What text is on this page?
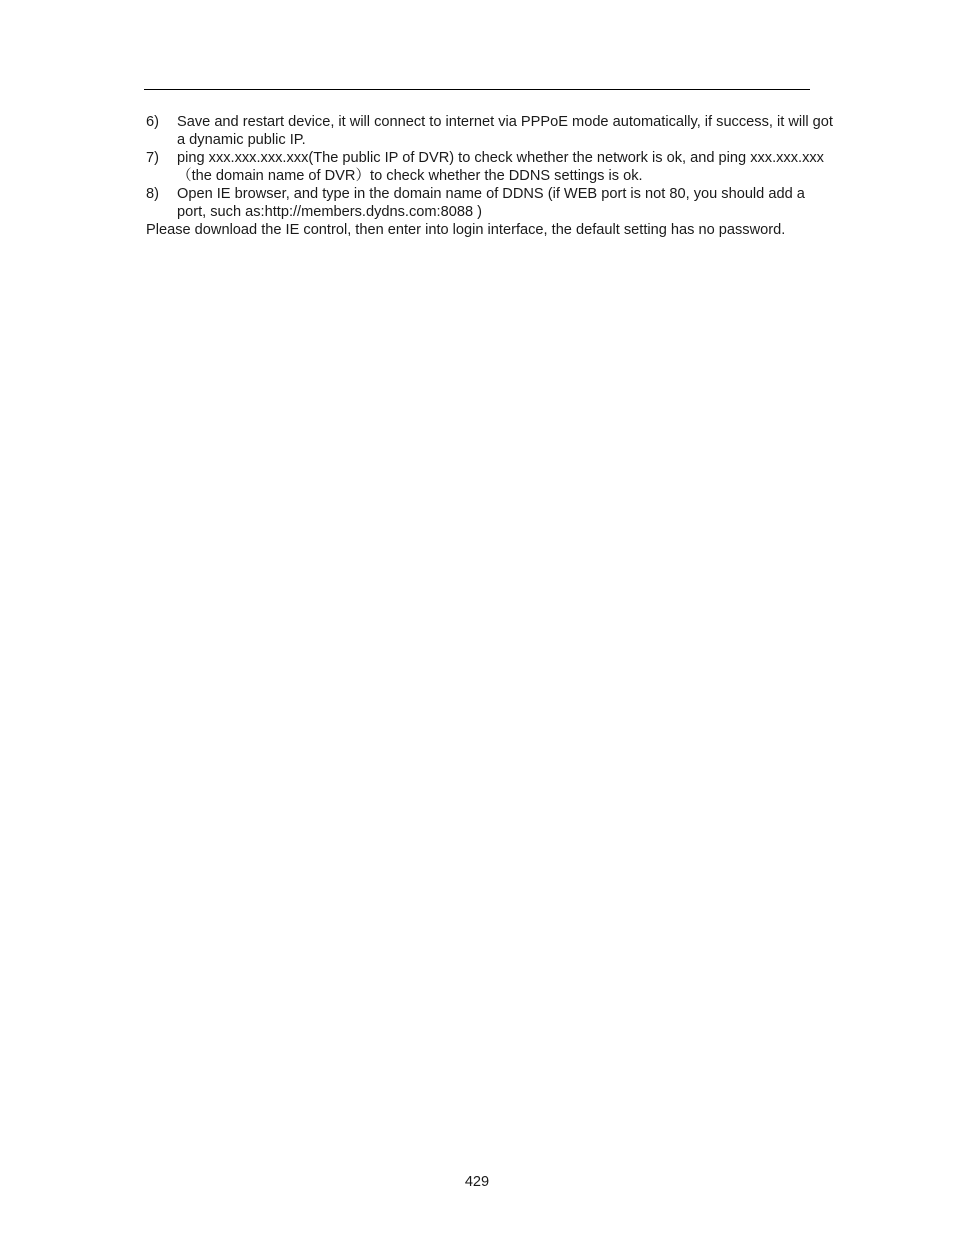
6)	Save and restart device, it will connect to internet via PPPoE mode automatically, if success, it will got a dynamic public IP.
7)	ping xxx.xxx.xxx.xxx(The public IP of DVR) to check whether the network is ok, and ping xxx.xxx.xxx（the domain name of DVR）to check whether the DDNS settings is ok.
8)	Open IE browser, and type in the domain name of DDNS (if WEB port is not 80, you should add a port, such as:http://members.dydns.com:8088 )
Please download the IE control, then enter into login interface, the default setting has no password.
429
